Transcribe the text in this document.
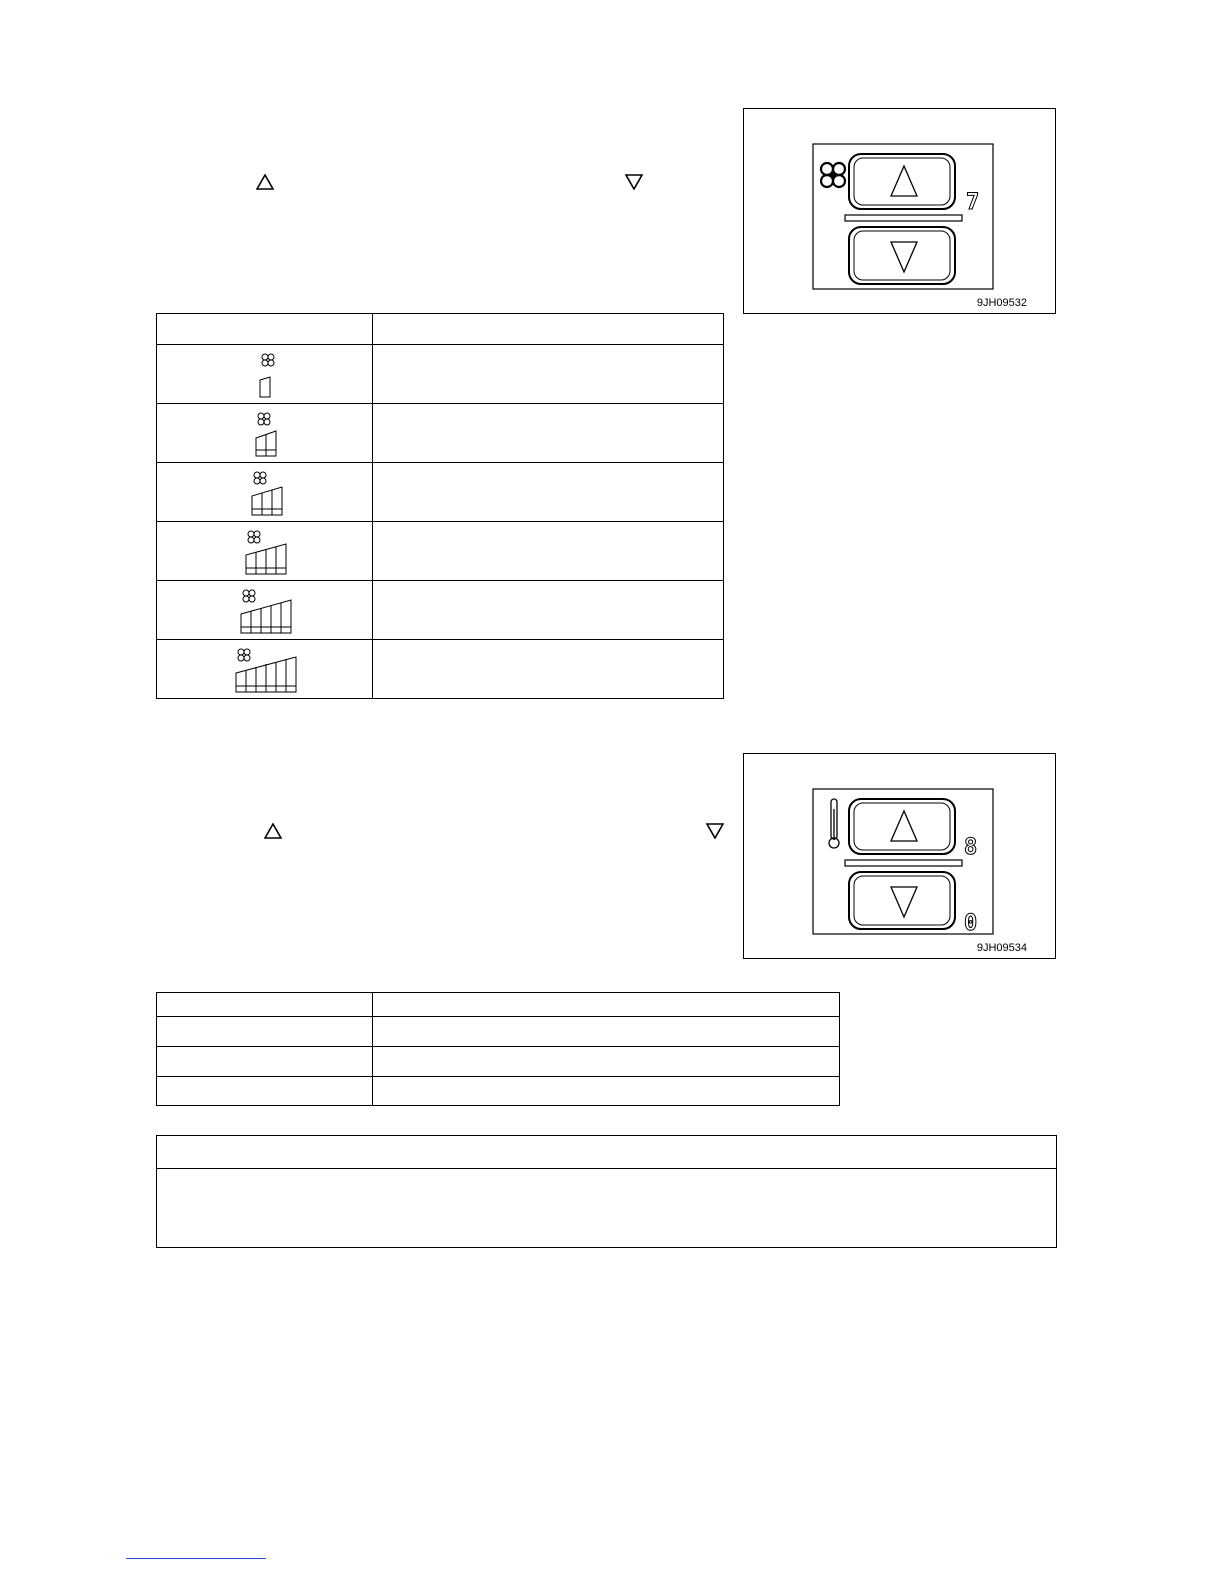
7
9JH09532

8
0
9JH09534
